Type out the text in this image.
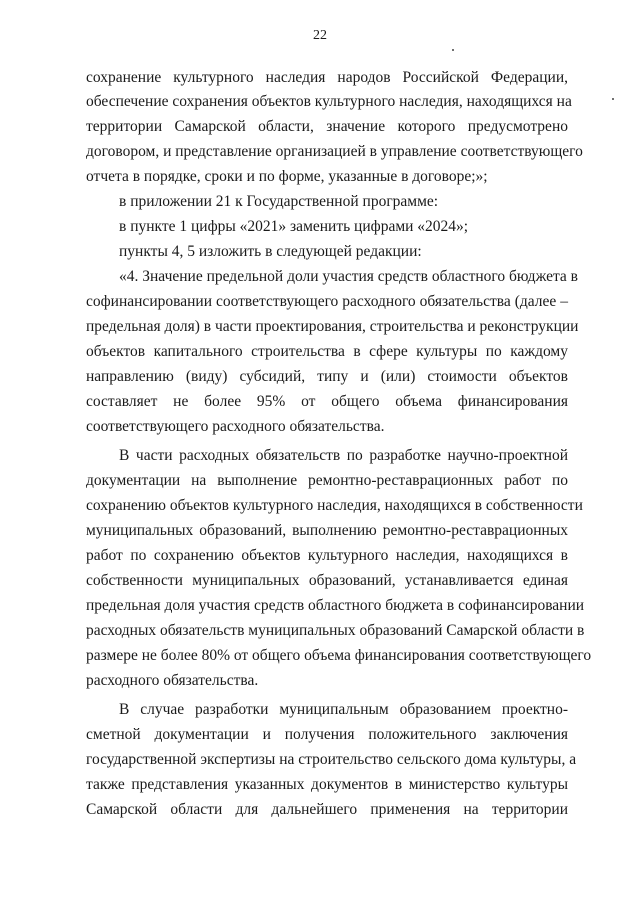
22
сохранение культурного наследия народов Российской Федерации,
обеспечение сохранения объектов культурного наследия, находящихся на
территории Самарской области, значение которого предусмотрено
договором, и представление организацией в управление соответствующего
отчета в порядке, сроки и по форме, указанные в договоре;»;
в приложении 21 к Государственной программе:
в пункте 1 цифры «2021» заменить цифрами «2024»;
пункты 4, 5 изложить в следующей редакции:
«4. Значение предельной доли участия средств областного бюджета в
софинансировании соответствующего расходного обязательства (далее –
предельная доля) в части проектирования, строительства и реконструкции
объектов капитального строительства в сфере культуры по каждому
направлению (виду) субсидий, типу и (или) стоимости объектов
составляет не более 95% от общего объема финансирования
соответствующего расходного обязательства.
В части расходных обязательств по разработке научно-проектной
документации на выполнение ремонтно-реставрационных работ по
сохранению объектов культурного наследия, находящихся в собственности
муниципальных образований, выполнению ремонтно-реставрационных
работ по сохранению объектов культурного наследия, находящихся в
собственности муниципальных образований, устанавливается единая
предельная доля участия средств областного бюджета в софинансировании
расходных обязательств муниципальных образований Самарской области в
размере не более 80% от общего объема финансирования соответствующего
расходного обязательства.
В случае разработки муниципальным образованием проектно-
сметной документации и получения положительного заключения
государственной экспертизы на строительство сельского дома культуры, а
также представления указанных документов в министерство культуры
Самарской области для дальнейшего применения на территории
